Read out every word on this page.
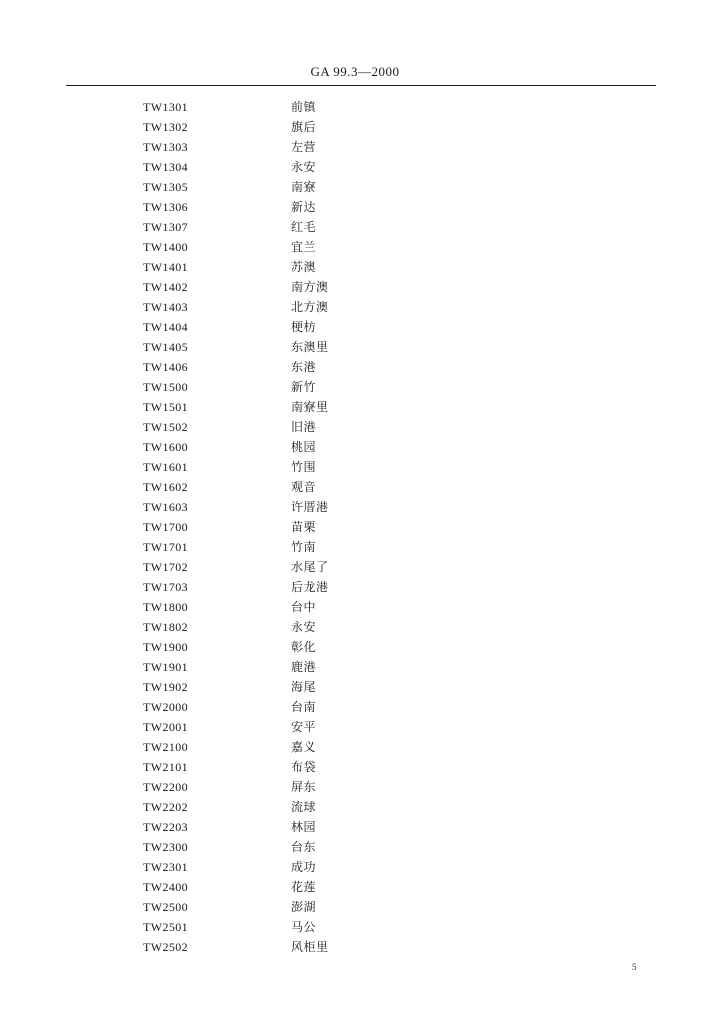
GA 99.3—2000
TW1301	前镇
TW1302	旗后
TW1303	左营
TW1304	永安
TW1305	南寮
TW1306	新达
TW1307	红毛
TW1400	宜兰
TW1401	苏澳
TW1402	南方澳
TW1403	北方澳
TW1404	梗枋
TW1405	东澳里
TW1406	东港
TW1500	新竹
TW1501	南寮里
TW1502	旧港
TW1600	桃园
TW1601	竹围
TW1602	观音
TW1603	许厝港
TW1700	苗栗
TW1701	竹南
TW1702	水尾了
TW1703	后龙港
TW1800	台中
TW1802	永安
TW1900	彰化
TW1901	鹿港
TW1902	海尾
TW2000	台南
TW2001	安平
TW2100	嘉义
TW2101	布袋
TW2200	屏东
TW2202	流球
TW2203	林园
TW2300	台东
TW2301	成功
TW2400	花莲
TW2500	澎湖
TW2501	马公
TW2502	风柜里
5
